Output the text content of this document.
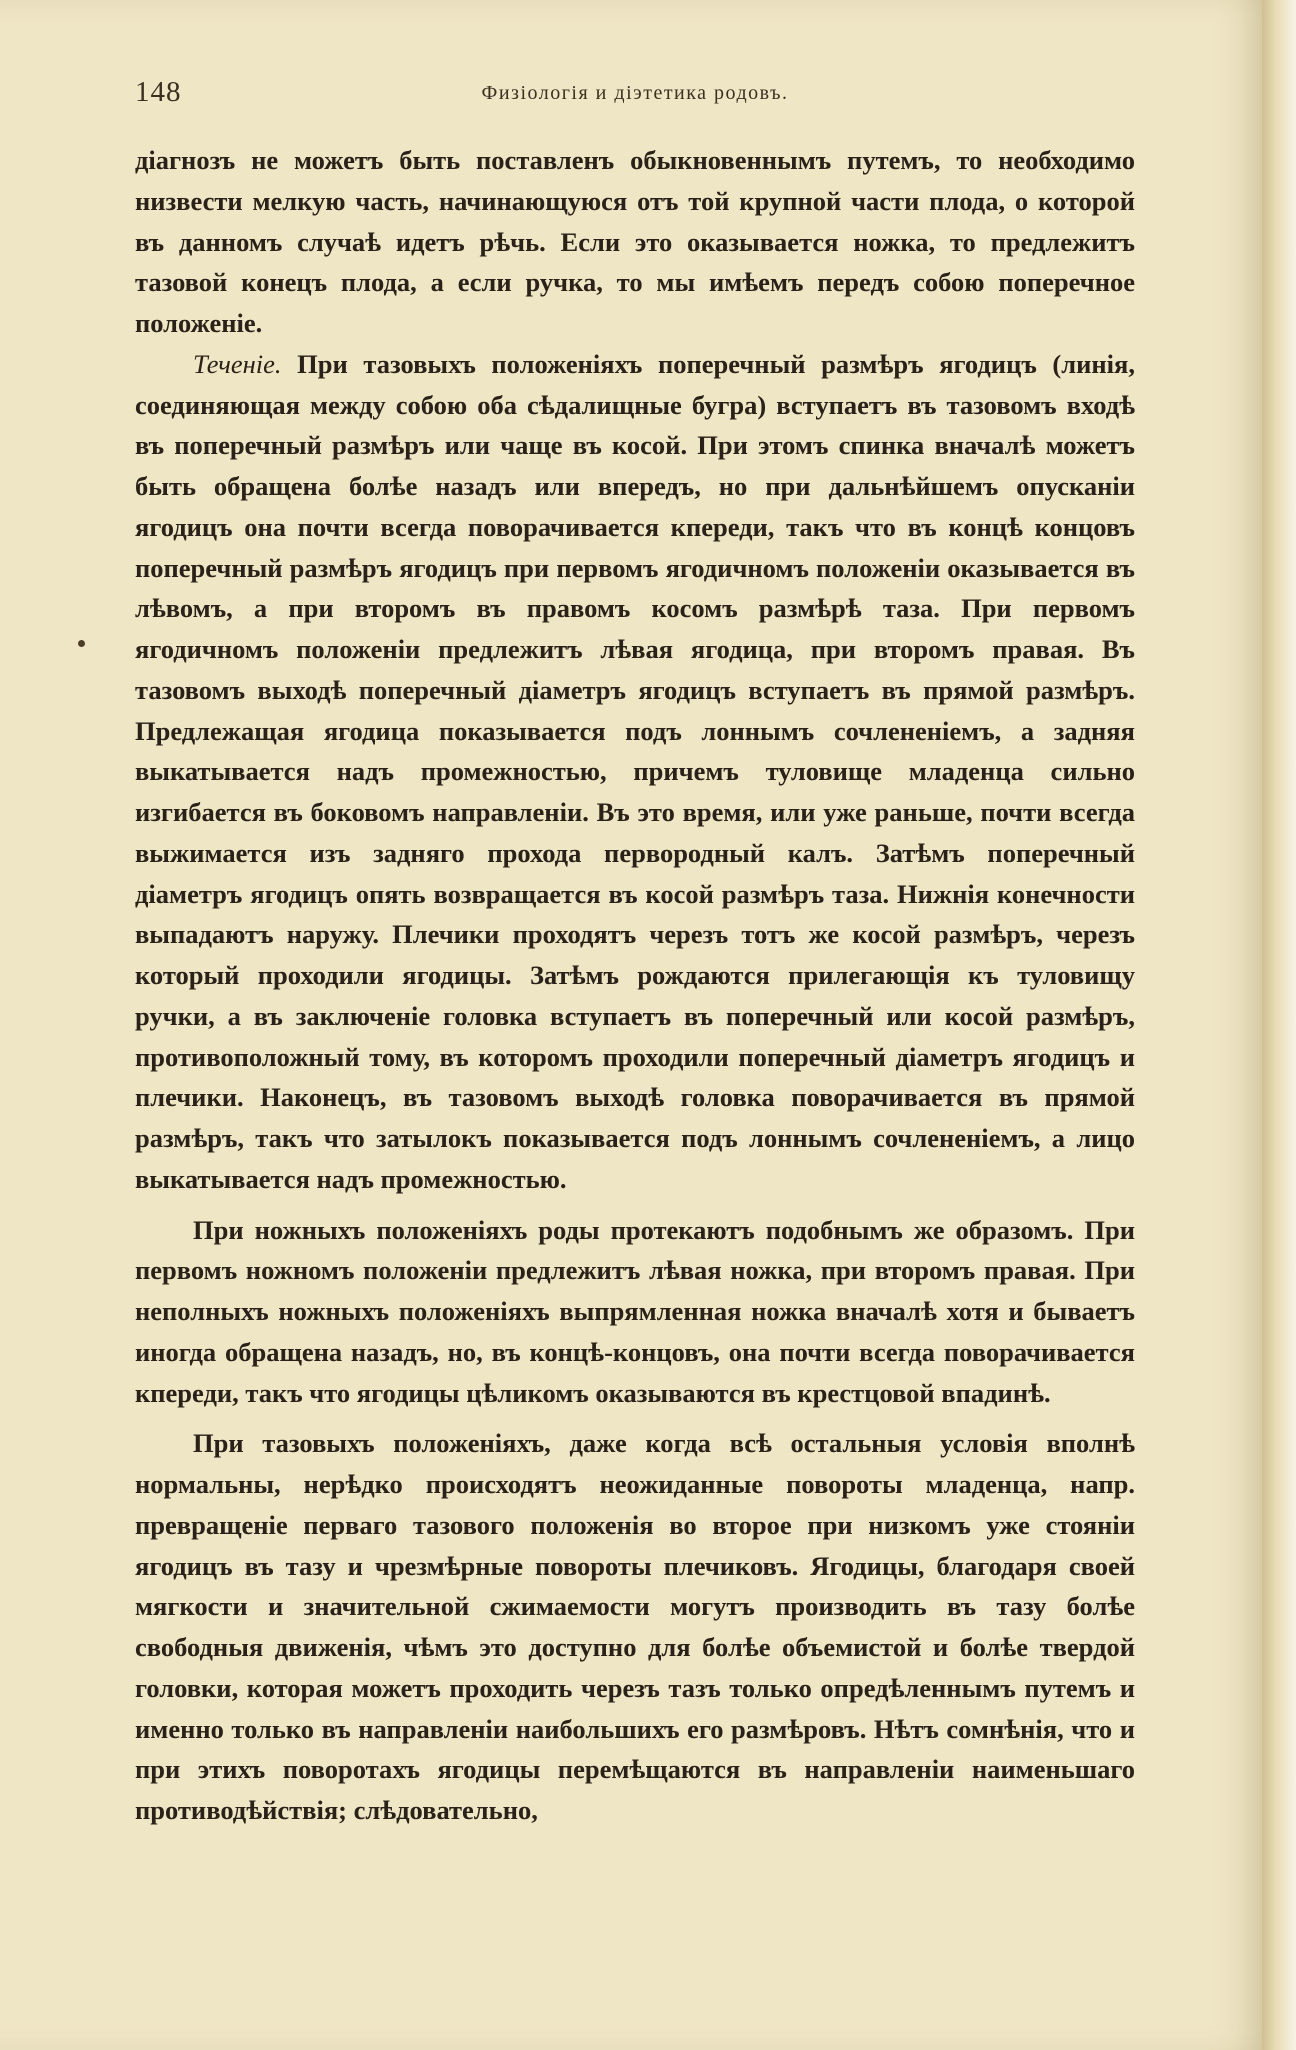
148	Физіологія и діэтетика родовъ.

діагнозъ не можетъ быть поставленъ обыкновеннымъ путемъ, то необходимо низвести мелкую часть, начинающуюся отъ той крупной части плода, о которой въ данномъ случаѣ идетъ рѣчь. Если это оказывается ножка, то предлежитъ тазовой конецъ плода, а если ручка, то мы имѣемъ передъ собою поперечное положеніе.

Теченіе. При тазовыхъ положеніяхъ поперечный размѣръ ягодицъ (линія, соединяющая между собою оба сѣдалищные бугра) вступаетъ въ тазовомъ входѣ въ поперечный размѣръ или чаще въ косой. При этомъ спинка вначалѣ можетъ быть обращена болѣе назадъ или впередъ, но при дальнѣйшемъ опусканіи ягодицъ она почти всегда поворачивается кпереди, такъ что въ концѣ концовъ поперечный размѣръ ягодицъ при первомъ ягодичномъ положеніи оказывается въ лѣвомъ, а при второмъ въ правомъ косомъ размѣрѣ таза. При первомъ ягодичномъ положеніи предлежитъ лѣвая ягодица, при второмъ правая. Въ тазовомъ выходѣ поперечный діаметръ ягодицъ вступаетъ въ прямой размѣръ. Предлежащая ягодица показывается подъ лоннымъ сочлененіемъ, а задняя выкатывается надъ промежностью, причемъ туловище младенца сильно изгибается въ боковомъ направленіи. Въ это время, или уже раньше, почти всегда выжимается изъ задняго прохода первородный калъ. Затѣмъ поперечный діаметръ ягодицъ опять возвращается въ косой размѣръ таза. Нижнія конечности выпадаютъ наружу. Плечики проходятъ черезъ тотъ же косой размѣръ, черезъ который проходили ягодицы. Затѣмъ рождаются прилегающія къ туловищу ручки, а въ заключеніе головка вступаетъ въ поперечный или косой размѣръ, противоположный тому, въ которомъ проходили поперечный діаметръ ягодицъ и плечики. Наконецъ, въ тазовомъ выходѣ головка поворачивается въ прямой размѣръ, такъ что затылокъ показывается подъ лоннымъ сочлененіемъ, а лицо выкатывается надъ промежностью.

При ножныхъ положеніяхъ роды протекаютъ подобнымъ же образомъ. При первомъ ножномъ положеніи предлежитъ лѣвая ножка, при второмъ правая. При неполныхъ ножныхъ положеніяхъ выпрямленная ножка вначалѣ хотя и бываетъ иногда обращена назадъ, но, въ концѣ-концовъ, она почти всегда поворачивается кпереди, такъ что ягодицы цѣликомъ оказываются въ крестцовой впадинѣ.

При тазовыхъ положеніяхъ, даже когда всѣ остальныя условія вполнѣ нормальны, нерѣдко происходятъ неожиданные повороты младенца, напр. превращеніе перваго тазового положенія во второе при низкомъ уже стояніи ягодицъ въ тазу и чрезмѣрные повороты плечиковъ. Ягодицы, благодаря своей мягкости и значительной сжимаемости могутъ производить въ тазу болѣе свободныя движенія, чѣмъ это доступно для болѣе объемистой и болѣе твердой головки, которая можетъ проходить черезъ тазъ только опредѣленнымъ путемъ и именно только въ направленіи наибольшихъ его размѣровъ. Нѣтъ сомнѣнія, что и при этихъ поворотахъ ягодицы перемѣщаются въ направленіи наименьшаго противодѣйствія; слѣдовательно,
